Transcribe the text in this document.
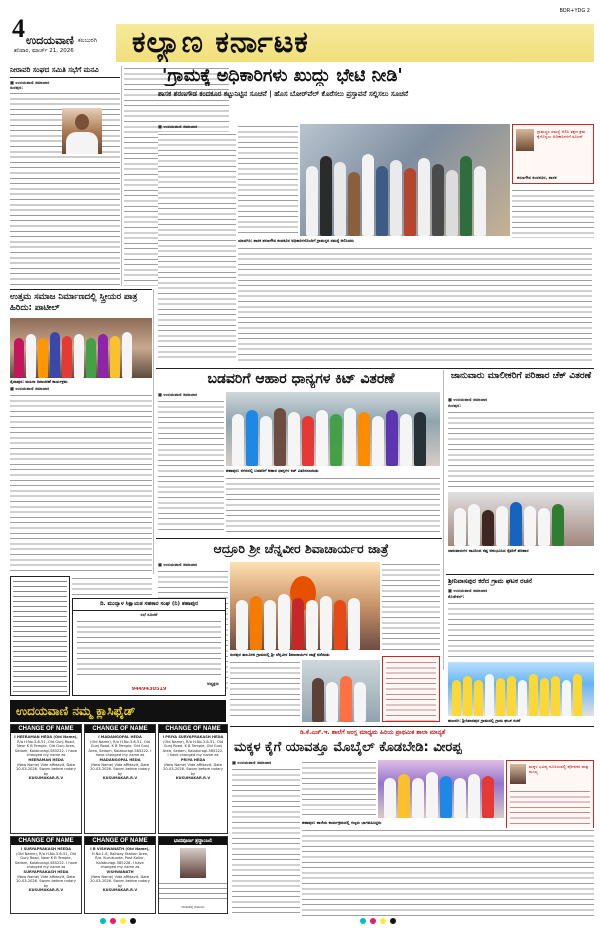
4 ಉದಯವಾಣಿ ಕಲಬುರಗಿ
ಶನಿವಾರ, ಮಾರ್ಚ್ 21, 2026	ಕಲ್ಯಾಣ ಕರ್ನಾಟಕ
BDR+YDG 2
ನೀರಾವರಿ ಸಂಘದ ಸಮಿತಿ ಸಭೆಗೆ ಮನವಿ
■ ಉದಯವಾಣಿ ಸಮಾಚಾರ
ಸುರಪುರ:
'ಗ್ರಾಮಕ್ಕೆ ಅಧಿಕಾರಿಗಳು ಖುದ್ದು ಭೇಟಿ ನೀಡಿ'
ಶಾಸಕ ಶರಣಗೌಡ ಕಂದಕೂರ ಕಟ್ಟುನಿಟ್ಟಿನ ಸೂಚನೆ | ಹೊಸ ಬೋರ್‌ವೆಲ್ ಕೊರೆಸಲು ಪ್ರಸ್ತಾವನೆ ಸಲ್ಲಿಸಲು ಸೂಚನೆ
■ ಉದಯವಾಣಿ ಸಮಾಚಾರ
ಯಾದಗಿರಿ: ಶಾಸಕ ಶರಣಗೌಡ ಕಂದಕೂರ ಅಧಿಕಾರಿಗಳೊಂದಿಗೆ ಗ್ರಾಮಸ್ಥರ ಸಮಸ್ಯೆ ಆಲಿಸಿದರು
ಗ್ರಾಮಸ್ಥರ ಸಮಸ್ಯೆ ಆಲಿಸಿ ತಕ್ಷಣ ಕ್ರಮ ಕೈಗೊಳ್ಳಲು ಅಧಿಕಾರಿಗಳಿಗೆ ಸೂಚನೆ
ಶರಣಗೌಡ ಕಂದಕೂರ, ಶಾಸಕ
ಉತ್ತಮ ಸಮಾಜ ನಿರ್ಮಾಣದಲ್ಲಿ ಸ್ತ್ರೀಯರ ಪಾತ್ರ ಹಿರಿದು: ಪಾಟೀಲ್
ಸೈದಾಪುರ: ಮಹಿಳಾ ದಿನಾಚರಣೆ ಕಾರ್ಯಕ್ರಮ
■ ಉದಯವಾಣಿ ಸಮಾಚಾರ
ಬಡವರಿಗೆ ಆಹಾರ ಧಾನ್ಯಗಳ ಕಿಟ್ ವಿತರಣೆ
■ ಉದಯವಾಣಿ ಸಮಾಚಾರ
ಶಹಾಪುರ: ನಗರದಲ್ಲಿ ಬಡವರಿಗೆ ಆಹಾರ ಧಾನ್ಯಗಳ ಕಿಟ್ ವಿತರಿಸಲಾಯಿತು
ಜಾನುವಾರು ಮಾಲೀಕರಿಗೆ ಪರಿಹಾರ ಚೆಕ್ ವಿತರಣೆ
■ ಉದಯವಾಣಿ ಸಮಾಚಾರ
ಸುರಪುರ:
ಜಾನುವಾರುಗಳ ಸಾವಿನಿಂದ ನಷ್ಟ ಅನುಭವಿಸಿದ ರೈತರಿಗೆ ಪರಿಹಾರ
ಆದ್ರೂರಿ ಶ್ರೀ ಚೆನ್ನವೀರ ಶಿವಾಚಾರ್ಯರ ಜಾತ್ರೆ
■ ಉದಯವಾಣಿ ಸಮಾಚಾರ
ಸುರಪುರ ತಾಲೂಕಿನ ಗ್ರಾಮದಲ್ಲಿ ಶ್ರೀ ಚೆನ್ನವೀರ ಶಿವಾಚಾರ್ಯರ ಜಾತ್ರೆ ನಡೆಯಿತು
ಶ್ರೀನಿವಾಸಪುರ ಕರೆದ ಗ್ರಾಮ ಘಟಕ ರಚನೆ
■ ಉದಯವಾಣಿ ಸಮಾಚಾರ
ಕೊಡೇಕಲ್:
ಹುಣಸಗಿ: ಶ್ರೀನಿವಾಸಪುರ ಗ್ರಾಮದಲ್ಲಿ ಗ್ರಾಮ ಘಟಕ ರಚನೆ
ದಿ. ಮುದ್ನಾಳ ಸಿಕ್ಷಾಯತ ಸಹಕಾರ ಸಂಘ (ನಿ) ಶಹಾಪುರ
ಸಭೆ ಸೂಚನೆ
ಅಧ್ಯಕ್ಷರು
9449430519
ಉದಯವಾಣಿ ನಮ್ಮ ಕ್ಲಾಸಿಫೈಡ್
CHANGE OF NAME
I HEERAMAN HEDA (Old Name),
R/o H.No.3-6-51, Old Gunj Road, Near K B Temple, Old Gunj Area, Sedam, Kalaburagi-585222. I have changed my name as
HEERAMAN HEDA
(New Name) Vide affidavit, Date 20-03-2026. Sworn before notary by
KUSUMAKAR.R.V
CHANGE OF NAME
I MADANGOPAL HEDA
(Old Name), R/o H.No.3-6-51, Old Gunj Road, K B Temple, Old Gunj Area, Sedam, Kalaburagi-585222. I have changed my name as
MADANGOPAL HEDA
(New Name) Vide affidavit, Date 20-03-2026. Sworn before notary by
KUSUMAKAR.R.V
CHANGE OF NAME
I PRIYA SURYAPRAKASH HEDA
(Old Name), R/o H.No.3-6-51, Old Gunj Road, K B Temple, Old Gunj Area, Sedam, Kalaburagi-585222. I have changed my name as
PRIYA HEDA
(New Name) Vide affidavit, Date 20-03-2026. Sworn before notary by
KUSUMAKAR.R.V
CHANGE OF NAME
I SURYAPRAKASH HEEDA
(Old Name), R/o H.No.3-6-51, Old Gunj Road, Near K B Temple, Sedam, Kalaburagi-585222. I have changed my name as
SURYAPRAKASH HEDA
(New Name) Vide affidavit, Date 20-03-2026. Sworn before notary by
KUSUMAKAR.R.V
CHANGE OF NAME
I B VISHWANATH (Old Name),
H.No.1-6, Railway Station Area, R/o, Kurukunda, Post Kollur, Kalaburagi-585228. I have changed my name as
VISHWANATH
(New Name) Vide affidavit, Date 20-03-2026. Sworn before notary by
KUSUMAKAR.R.V
ಭಾವಪೂರ್ಣ ಶ್ರದ್ಧಾಂಜಲಿ
ದುಃಖತಪ್ತ ಕುಟುಂಬ
ಡಿ.ಕೆ.ಎಚ್.ಇ. ಶಾಲೆಗೆ ಆಂಗ್ಲ ಮಾಧ್ಯಮ ಹಿರಿಯ ಪ್ರಾಥಮಿಕ ಶಾಲಾ ಮಾನ್ಯತೆ
ಮಕ್ಕಳ ಕೈಗೆ ಯಾವತ್ತೂ ಮೊಬೈಲ್ ಕೊಡಬೇಡಿ: ವೀರಪ್ಪ
■ ಉದಯವಾಣಿ ಸಮಾಚಾರ
ಮಕ್ಕಳ ಭವಿಷ್ಯ ರೂಪಿಸುವಲ್ಲಿ ಪೋಷಕರ ಪಾತ್ರ ಮುಖ್ಯ
ಶಹಾಪುರ: ಶಾಲೆಯ ಕಾರ್ಯಕ್ರಮದಲ್ಲಿ ಗಣ್ಯರು ಭಾಗವಹಿಸಿದ್ದರು
